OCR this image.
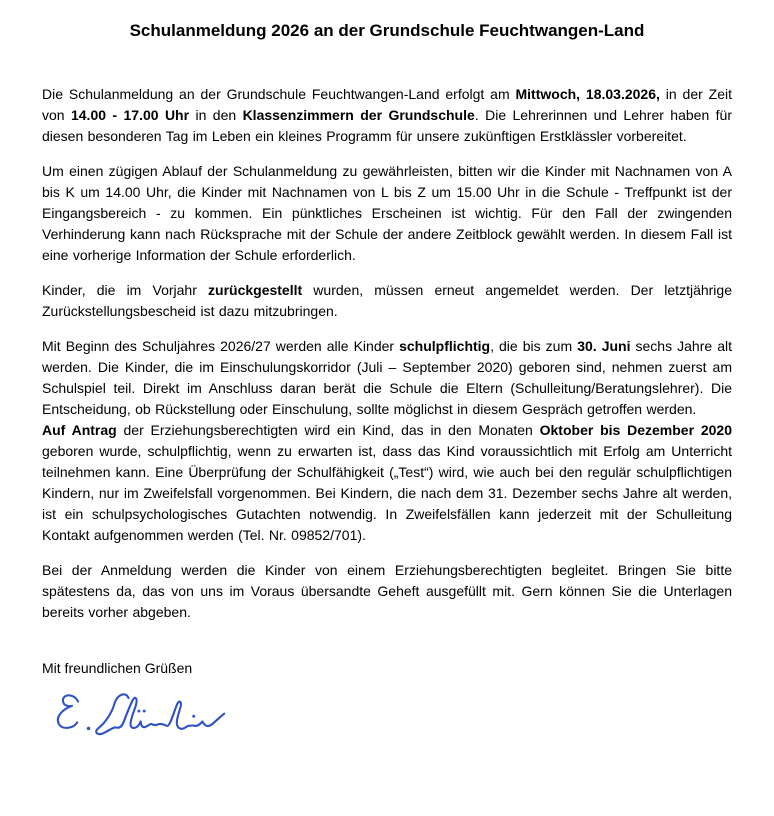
Schulanmeldung 2026 an der Grundschule Feuchtwangen-Land

Die Schulanmeldung an der Grundschule Feuchtwangen-Land erfolgt am Mittwoch, 18.03.2026, in der Zeit von 14.00 - 17.00 Uhr in den Klassenzimmern der Grundschule. Die Lehrerinnen und Lehrer haben für diesen besonderen Tag im Leben ein kleines Programm für unsere zukünftigen Erstklässler vorbereitet.

Um einen zügigen Ablauf der Schulanmeldung zu gewährleisten, bitten wir die Kinder mit Nachnamen von A bis K um 14.00 Uhr, die Kinder mit Nachnamen von L bis Z um 15.00 Uhr in die Schule - Treffpunkt ist der Eingangsbereich - zu kommen. Ein pünktliches Erscheinen ist wichtig. Für den Fall der zwingenden Verhinderung kann nach Rücksprache mit der Schule der andere Zeitblock gewählt werden. In diesem Fall ist eine vorherige Information der Schule erforderlich.

Kinder, die im Vorjahr zurückgestellt wurden, müssen erneut angemeldet werden. Der letztjährige Zurückstellungsbescheid ist dazu mitzubringen.

Mit Beginn des Schuljahres 2026/27 werden alle Kinder schulpflichtig, die bis zum 30. Juni sechs Jahre alt werden. Die Kinder, die im Einschulungskorridor (Juli – September 2020) geboren sind, nehmen zuerst am Schulspiel teil. Direkt im Anschluss daran berät die Schule die Eltern (Schulleitung/Beratungslehrer). Die Entscheidung, ob Rückstellung oder Einschulung, sollte möglichst in diesem Gespräch getroffen werden.

Auf Antrag der Erziehungsberechtigten wird ein Kind, das in den Monaten Oktober bis Dezember 2020 geboren wurde, schulpflichtig, wenn zu erwarten ist, dass das Kind voraussichtlich mit Erfolg am Unterricht teilnehmen kann. Eine Überprüfung der Schulfähigkeit („Test“) wird, wie auch bei den regulär schulpflichtigen Kindern, nur im Zweifelsfall vorgenommen. Bei Kindern, die nach dem 31. Dezember sechs Jahre alt werden, ist ein schulpsychologisches Gutachten notwendig. In Zweifelsfällen kann jederzeit mit der Schulleitung Kontakt aufgenommen werden (Tel. Nr. 09852/701).

Bei der Anmeldung werden die Kinder von einem Erziehungsberechtigten begleitet. Bringen Sie bitte spätestens da, das von uns im Voraus übersandte Geheft ausgefüllt mit. Gern können Sie die Unterlagen bereits vorher abgeben.

Mit freundlichen Grüßen
